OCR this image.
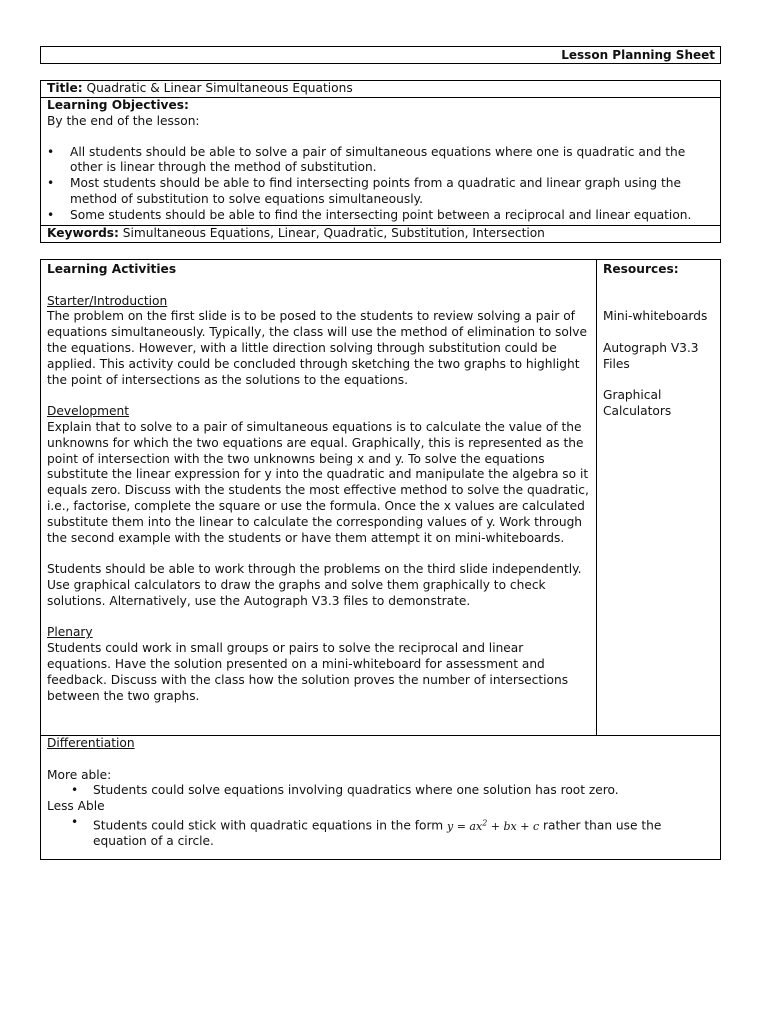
Lesson Planning Sheet
Title: Quadratic & Linear Simultaneous Equations
Learning Objectives:
By the end of the lesson:
• All students should be able to solve a pair of simultaneous equations where one is quadratic and the other is linear through the method of substitution.
• Most students should be able to find intersecting points from a quadratic and linear graph using the method of substitution to solve equations simultaneously.
• Some students should be able to find the intersecting point between a reciprocal and linear equation.
Keywords: Simultaneous Equations, Linear, Quadratic, Substitution, Intersection

Learning Activities

Starter/Introduction

The problem on the first slide is to be posed to the students to review solving a pair of equations simultaneously. Typically, the class will use the method of elimination to solve the equations. However, with a little direction solving through substitution could be applied. This activity could be concluded through sketching the two graphs to highlight the point of intersections as the solutions to the equations.

Development

Explain that to solve to a pair of simultaneous equations is to calculate the value of the unknowns for which the two equations are equal. Graphically, this is represented as the point of intersection with the two unknowns being x and y. To solve the equations substitute the linear expression for y into the quadratic and manipulate the algebra so it equals zero. Discuss with the students the most effective method to solve the quadratic, i.e., factorise, complete the square or use the formula. Once the x values are calculated substitute them into the linear to calculate the corresponding values of y. Work through the second example with the students or have them attempt it on mini-whiteboards.

Students should be able to work through the problems on the third slide independently. Use graphical calculators to draw the graphs and solve them graphically to check solutions. Alternatively, use the Autograph V3.3 files to demonstrate.

Plenary

Students could work in small groups or pairs to solve the reciprocal and linear equations. Have the solution presented on a mini-whiteboard for assessment and feedback. Discuss with the class how the solution proves the number of intersections between the two graphs.

Resources:

Mini-whiteboards

Autograph V3.3 Files

Graphical Calculators

Differentiation

More able:

• Students could solve equations involving quadratics where one solution has root zero.

Less Able

• Students could stick with quadratic equations in the form $y = ax^2$ + bx + c rather than use the equation of a circle.
